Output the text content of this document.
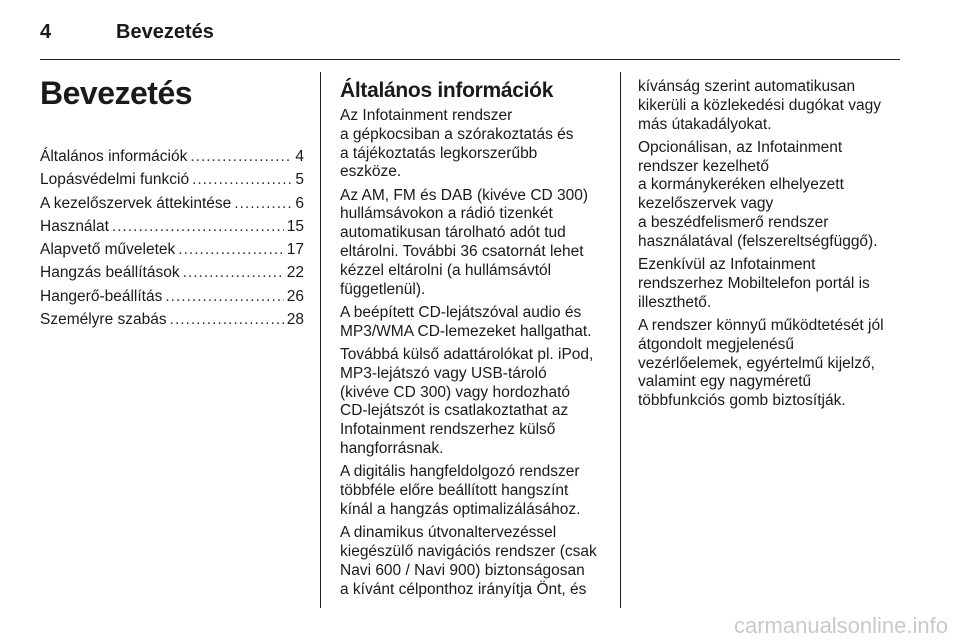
4	Bevezetés
Bevezetés
Általános információk .....	4
Lopásvédelmi funkció .....	5
A kezelőszervek áttekintése .....	6
Használat .....	15
Alapvető műveletek .....	17
Hangzás beállítások .....	22
Hangerő-beállítás .....	26
Személyre szabás .....	28
Általános információk
Az Infotainment rendszer
a gépkocsiban a szórakoztatás és
a tájékoztatás legkorszerűbb
eszköze.
Az AM, FM és DAB (kivéve CD 300)
hullámsávokon a rádió tizenkét
automatikusan tárolható adót tud
eltárolni. További 36 csatornát lehet
kézzel eltárolni (a hullámsávtól
függetlenül).
A beépített CD-lejátszóval audio és
MP3/WMA CD-lemezeket hallgathat.
Továbbá külső adattárolókat pl. iPod,
MP3-lejátszó vagy USB-tároló
(kivéve CD 300) vagy hordozható
CD-lejátszót is csatlakoztathat az
Infotainment rendszerhez külső
hangforrásnak.
A digitális hangfeldolgozó rendszer
többféle előre beállított hangszínt
kínál a hangzás optimalizálásához.
A dinamikus útvonaltervezéssel
kiegészülő navigációs rendszer (csak
Navi 600 / Navi 900) biztonságosan
a kívánt célponthoz irányítja Önt, és
kívánság szerint automatikusan
kikerüli a közlekedési dugókat vagy
más útakadályokat.
Opcionálisan, az Infotainment
rendszer kezelhető
a kormánykeréken elhelyezett
kezelőszervek vagy
a beszédfelismerő rendszer
használatával (felszereltségfüggő).
Ezenkívül az Infotainment
rendszerhez Mobiltelefon portál is
illeszthető.
A rendszer könnyű működtetését jól
átgondolt megjelenésű
vezérlőelemek, egyértelmű kijelző,
valamint egy nagyméretű
többfunkciós gomb biztosítják.
carmanualsonline.info
